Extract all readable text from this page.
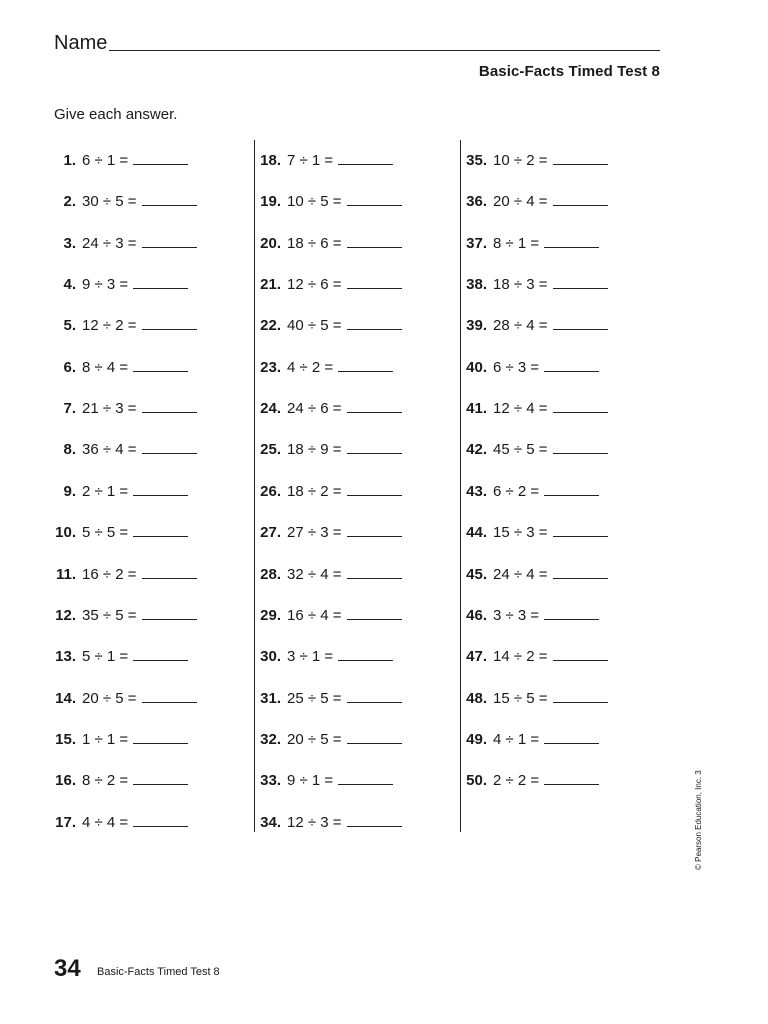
Name
Basic-Facts Timed Test 8
Give each answer.
1. 6 ÷ 1 =
2. 30 ÷ 5 =
3. 24 ÷ 3 =
4. 9 ÷ 3 =
5. 12 ÷ 2 =
6. 8 ÷ 4 =
7. 21 ÷ 3 =
8. 36 ÷ 4 =
9. 2 ÷ 1 =
10. 5 ÷ 5 =
11. 16 ÷ 2 =
12. 35 ÷ 5 =
13. 5 ÷ 1 =
14. 20 ÷ 5 =
15. 1 ÷ 1 =
16. 8 ÷ 2 =
17. 4 ÷ 4 =
18. 7 ÷ 1 =
19. 10 ÷ 5 =
20. 18 ÷ 6 =
21. 12 ÷ 6 =
22. 40 ÷ 5 =
23. 4 ÷ 2 =
24. 24 ÷ 6 =
25. 18 ÷ 9 =
26. 18 ÷ 2 =
27. 27 ÷ 3 =
28. 32 ÷ 4 =
29. 16 ÷ 4 =
30. 3 ÷ 1 =
31. 25 ÷ 5 =
32. 20 ÷ 5 =
33. 9 ÷ 1 =
34. 12 ÷ 3 =
35. 10 ÷ 2 =
36. 20 ÷ 4 =
37. 8 ÷ 1 =
38. 18 ÷ 3 =
39. 28 ÷ 4 =
40. 6 ÷ 3 =
41. 12 ÷ 4 =
42. 45 ÷ 5 =
43. 6 ÷ 2 =
44. 15 ÷ 3 =
45. 24 ÷ 4 =
46. 3 ÷ 3 =
47. 14 ÷ 2 =
48. 15 ÷ 5 =
49. 4 ÷ 1 =
50. 2 ÷ 2 =	© Pearson Education, Inc. 3
34 Basic-Facts Timed Test 8
